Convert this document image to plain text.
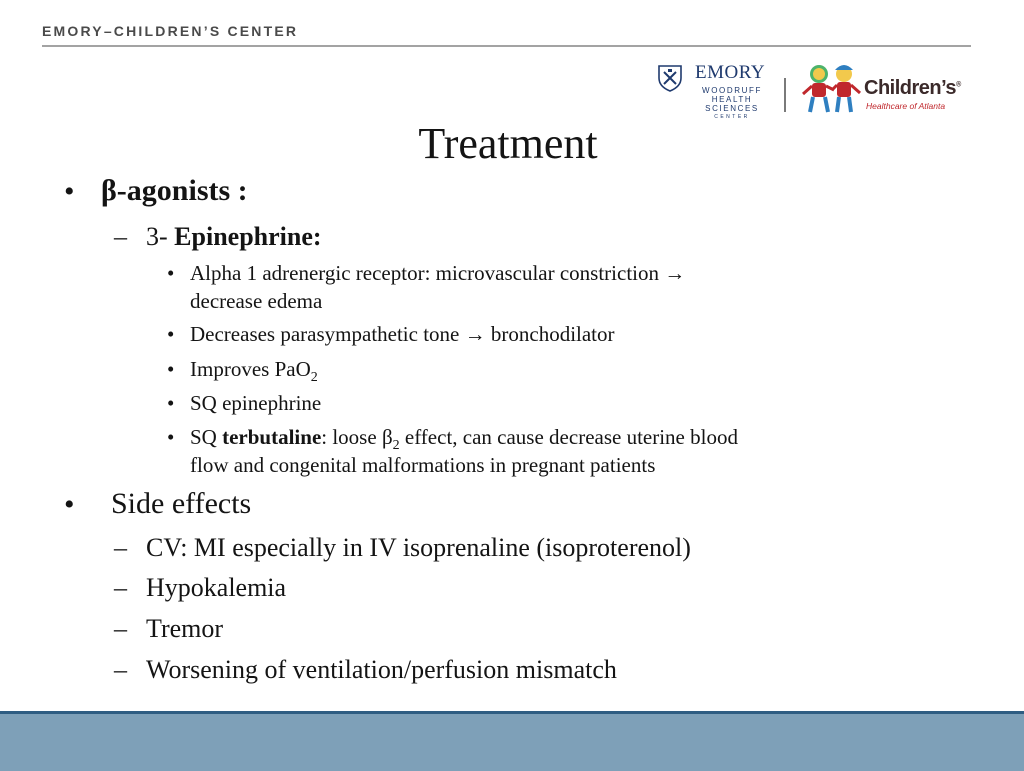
EMORY–CHILDREN’S CENTER
EMORY
WOODRUFF
HEALTH
SCIENCES
CENTER
Children’s®
Healthcare of Atlanta
Treatment
• β-agonists :
– 3- Epinephrine:
• Alpha 1 adrenergic receptor: microvascular constriction →
decrease edema
• Decreases parasympathetic tone → bronchodilator
• Improves PaO$_2$
• SQ epinephrine
• SQ terbutaline: loose $\beta_2$ effect, can cause decrease uterine blood
flow and congenital malformations in pregnant patients
• Side effects
– CV: MI especially in IV isoprenaline (isoproterenol)
– Hypokalemia
– Tremor
– Worsening of ventilation/perfusion mismatch
